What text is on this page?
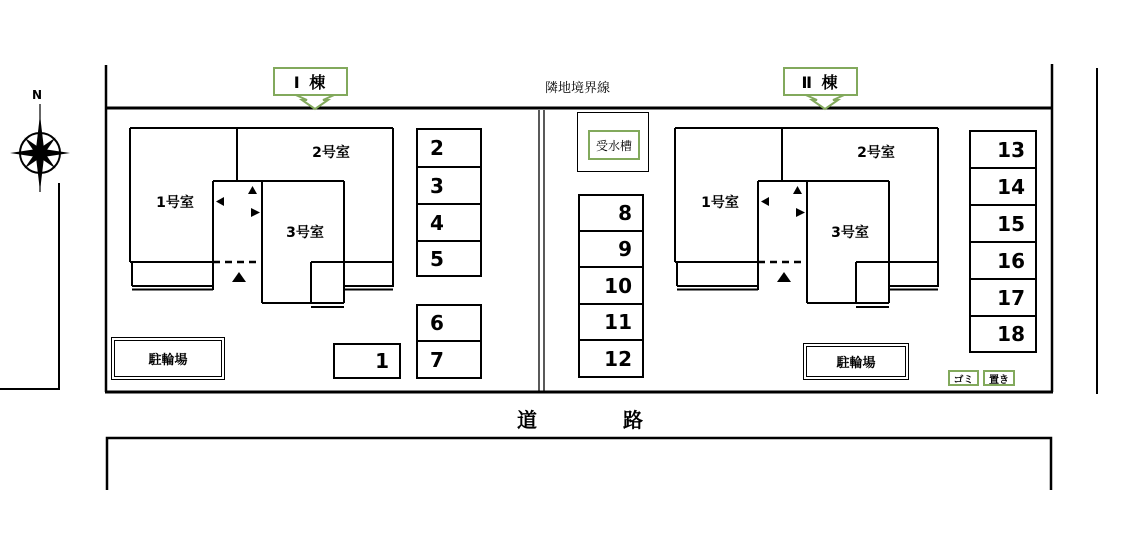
N	隣地境界線
Ⅰ 棟	Ⅱ 棟
1号室
2号室
3号室
1号室
2号室
3号室
受水槽
駐輪場	駐輪場
ゴミ	置き
道	路
1
2
3
4
5
6
7
8
9
10
11
12
13
14
15
16
17
18
